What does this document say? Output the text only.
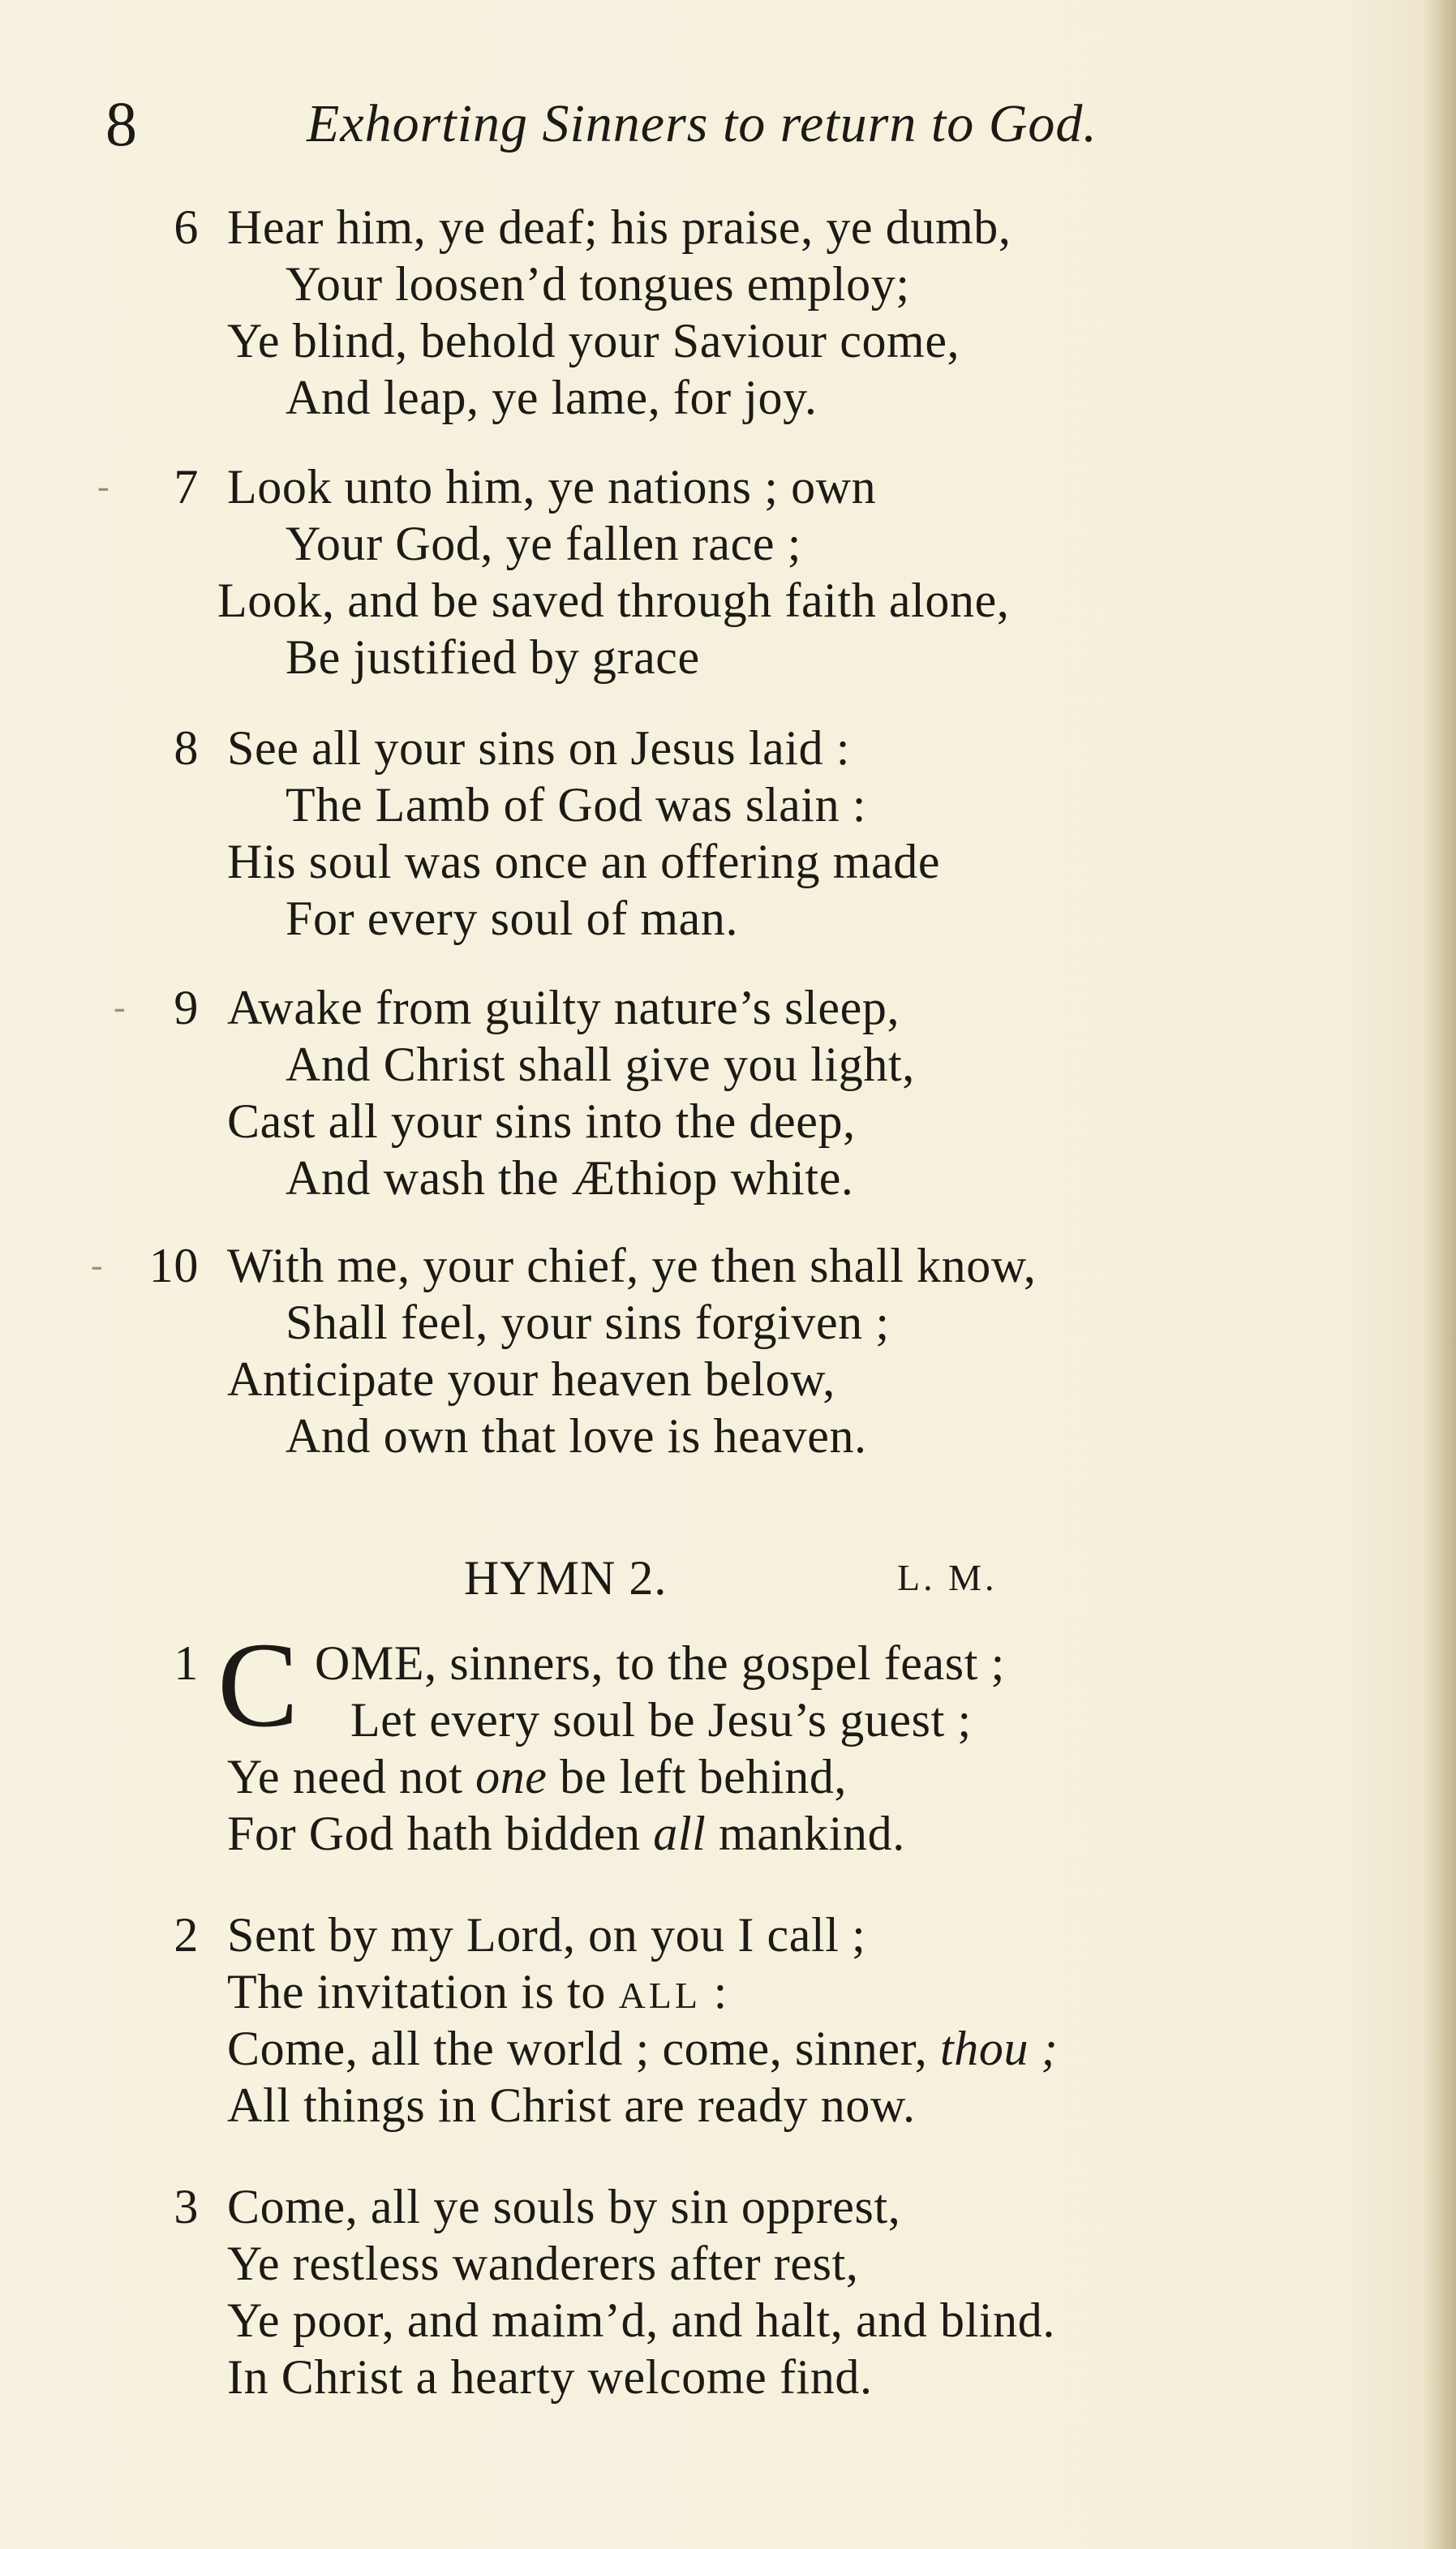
8	Exhorting Sinners to return to God.
6 Hear him, ye deaf; his praise, ye dumb,
Your loosen’d tongues employ;
Ye blind, behold your Saviour come,
And leap, ye lame, for joy.
-	7 Look unto him, ye nations ; own
Your God, ye fallen race ;
Look, and be saved through faith alone,
Be justified by grace
8 See all your sins on Jesus laid :
The Lamb of God was slain :
His soul was once an offering made
For every soul of man.
- 9 Awake from guilty nature’s sleep,
And Christ shall give you light,
Cast all your sins into the deep,
And wash the Æthiop white.
- 10 With me, your chief, ye then shall know,
Shall feel, your sins forgiven ;
Anticipate your heaven below,
And own that love is heaven.
HYMN 2.	L. M.
C
1 OME, sinners, to the gospel feast ;
Let every soul be Jesu’s guest ;
Ye need not one be left behind,
For God hath bidden all mankind.
2 Sent by my Lord, on you I call ;
The invitation is to ALL :
Come, all the world ; come, sinner, thou ;
All things in Christ are ready now.
3 Come, all ye souls by sin opprest,
Ye restless wanderers after rest,
Ye poor, and maim’d, and halt, and blind.
In Christ a hearty welcome find.
